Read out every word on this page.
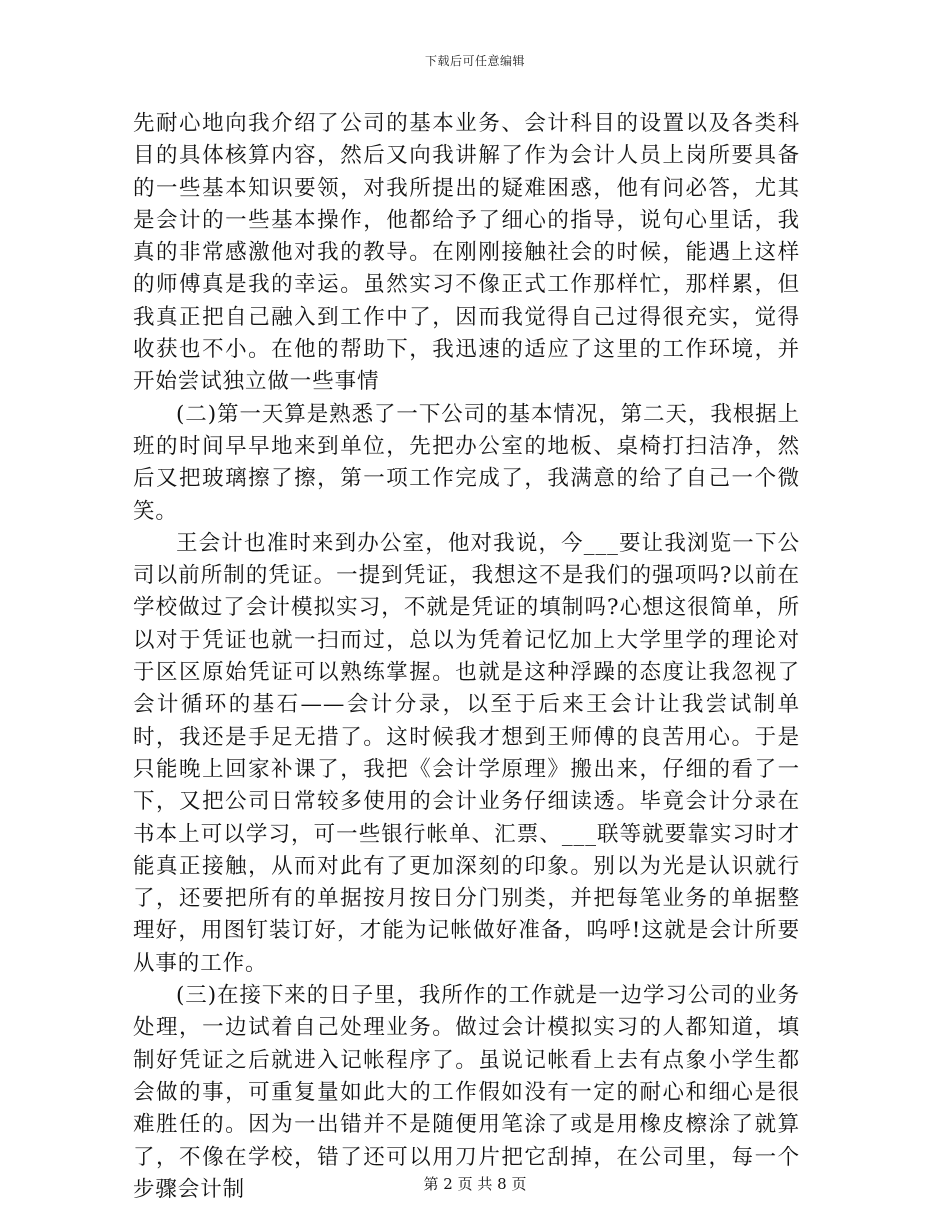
下载后可任意编辑

先耐心地向我介绍了公司的基本业务、会计科目的设置以及各类科目的具体核算内容，然后又向我讲解了作为会计人员上岗所要具备的一些基本知识要领，对我所提出的疑难困惑，他有问必答，尤其是会计的一些基本操作，他都给予了细心的指导，说句心里话，我真的非常感激他对我的教导。在刚刚接触社会的时候，能遇上这样的师傅真是我的幸运。虽然实习不像正式工作那样忙，那样累，但我真正把自己融入到工作中了，因而我觉得自己过得很充实，觉得收获也不小。在他的帮助下，我迅速的适应了这里的工作环境，并开始尝试独立做一些事情

(二)第一天算是熟悉了一下公司的基本情况，第二天，我根据上班的时间早早地来到单位，先把办公室的地板、桌椅打扫洁净，然后又把玻璃擦了擦，第一项工作完成了，我满意的给了自己一个微笑。

王会计也准时来到办公室，他对我说，今___要让我浏览一下公司以前所制的凭证。一提到凭证，我想这不是我们的强项吗?以前在学校做过了会计模拟实习，不就是凭证的填制吗?心想这很简单，所以对于凭证也就一扫而过，总以为凭着记忆加上大学里学的理论对于区区原始凭证可以熟练掌握。也就是这种浮躁的态度让我忽视了会计循环的基石——会计分录，以至于后来王会计让我尝试制单时，我还是手足无措了。这时候我才想到王师傅的良苦用心。于是只能晚上回家补课了，我把《会计学原理》搬出来，仔细的看了一下，又把公司日常较多使用的会计业务仔细读透。毕竟会计分录在书本上可以学习，可一些银行帐单、汇票、___联等就要靠实习时才能真正接触，从而对此有了更加深刻的印象。别以为光是认识就行了，还要把所有的单据按月按日分门别类，并把每笔业务的单据整理好，用图钉装订好，才能为记帐做好准备，呜呼!这就是会计所要从事的工作。

(三)在接下来的日子里，我所作的工作就是一边学习公司的业务处理，一边试着自己处理业务。做过会计模拟实习的人都知道，填制好凭证之后就进入记帐程序了。虽说记帐看上去有点象小学生都会做的事，可重复量如此大的工作假如没有一定的耐心和细心是很难胜任的。因为一出错并不是随便用笔涂了或是用橡皮檫涂了就算了，不像在学校，错了还可以用刀片把它刮掉，在公司里，每一个步骤会计制	第 2 页 共 8 页
